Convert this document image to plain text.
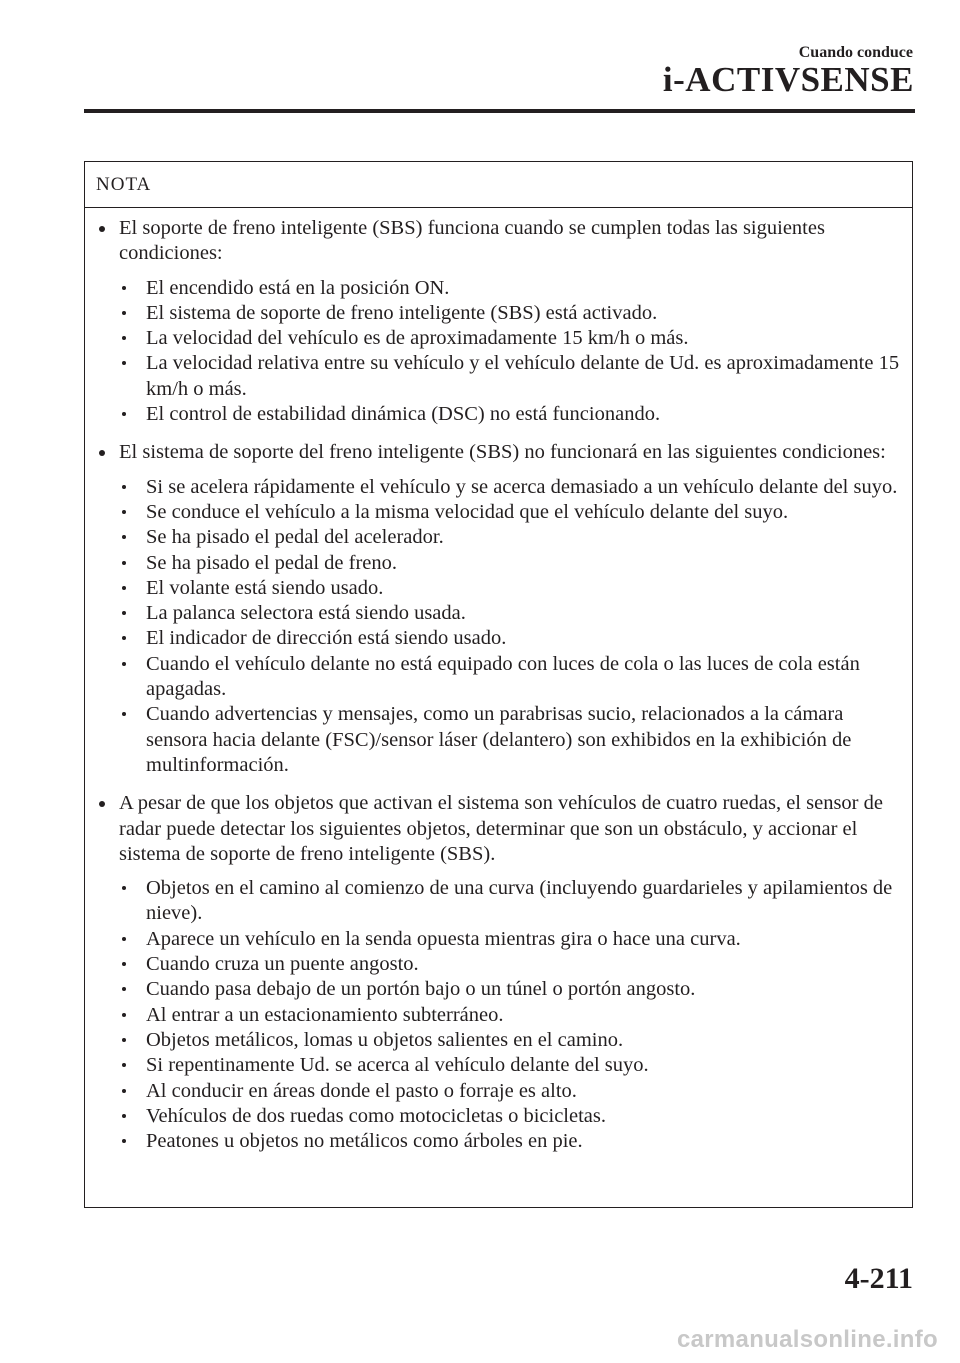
Cuando conduce
i-ACTIVSENSE
NOTA
El soporte de freno inteligente (SBS) funciona cuando se cumplen todas las siguientes condiciones:
El encendido está en la posición ON.
El sistema de soporte de freno inteligente (SBS) está activado.
La velocidad del vehículo es de aproximadamente 15 km/h o más.
La velocidad relativa entre su vehículo y el vehículo delante de Ud. es aproximadamente 15 km/h o más.
El control de estabilidad dinámica (DSC) no está funcionando.
El sistema de soporte del freno inteligente (SBS) no funcionará en las siguientes condiciones:
Si se acelera rápidamente el vehículo y se acerca demasiado a un vehículo delante del suyo.
Se conduce el vehículo a la misma velocidad que el vehículo delante del suyo.
Se ha pisado el pedal del acelerador.
Se ha pisado el pedal de freno.
El volante está siendo usado.
La palanca selectora está siendo usada.
El indicador de dirección está siendo usado.
Cuando el vehículo delante no está equipado con luces de cola o las luces de cola están apagadas.
Cuando advertencias y mensajes, como un parabrisas sucio, relacionados a la cámara sensora hacia delante (FSC)/sensor láser (delantero) son exhibidos en la exhibición de multinformación.
A pesar de que los objetos que activan el sistema son vehículos de cuatro ruedas, el sensor de radar puede detectar los siguientes objetos, determinar que son un obstáculo, y accionar el sistema de soporte de freno inteligente (SBS).
Objetos en el camino al comienzo de una curva (incluyendo guardarieles y apilamientos de nieve).
Aparece un vehículo en la senda opuesta mientras gira o hace una curva.
Cuando cruza un puente angosto.
Cuando pasa debajo de un portón bajo o un túnel o portón angosto.
Al entrar a un estacionamiento subterráneo.
Objetos metálicos, lomas u objetos salientes en el camino.
Si repentinamente Ud. se acerca al vehículo delante del suyo.
Al conducir en áreas donde el pasto o forraje es alto.
Vehículos de dos ruedas como motocicletas o bicicletas.
Peatones u objetos no metálicos como árboles en pie.
4-211
carmanualsonline.info
